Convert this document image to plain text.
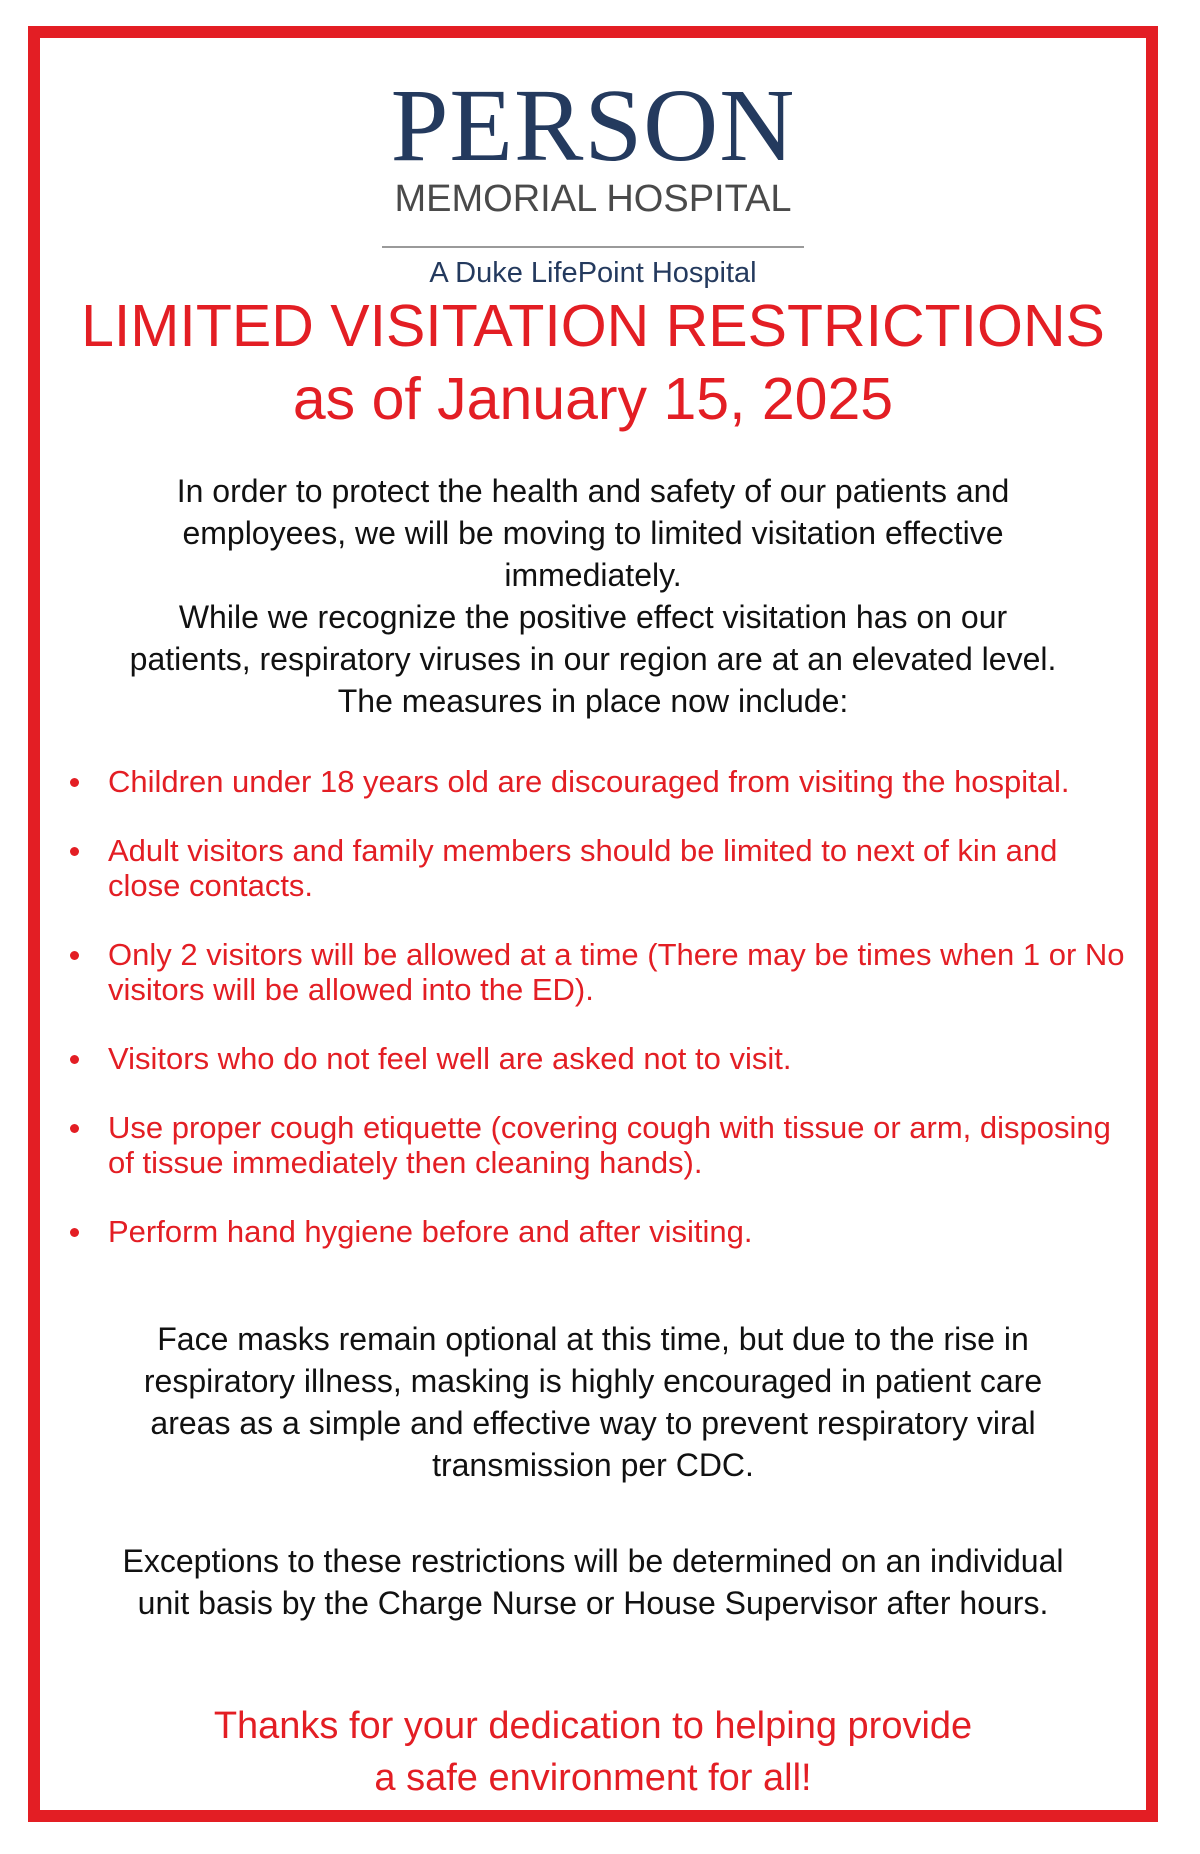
PERSON
MEMORIAL HOSPITAL
A Duke LifePoint Hospital
LIMITED VISITATION RESTRICTIONS
as of January 15, 2025
In order to protect the health and safety of our patients and
employees, we will be moving to limited visitation effective
immediately.
While we recognize the positive effect visitation has on our
patients, respiratory viruses in our region are at an elevated level.
The measures in place now include:
Children under 18 years old are discouraged from visiting the hospital.
Adult visitors and family members should be limited to next of kin and close contacts.
Only 2 visitors will be allowed at a time (There may be times when 1 or No visitors will be allowed into the ED).
Visitors who do not feel well are asked not to visit.
Use proper cough etiquette (covering cough with tissue or arm, disposing of tissue immediately then cleaning hands).
Perform hand hygiene before and after visiting.
Face masks remain optional at this time, but due to the rise in
respiratory illness, masking is highly encouraged in patient care
areas as a simple and effective way to prevent respiratory viral
transmission per CDC.
Exceptions to these restrictions will be determined on an individual
unit basis by the Charge Nurse or House Supervisor after hours.
Thanks for your dedication to helping provide
a safe environment for all!
